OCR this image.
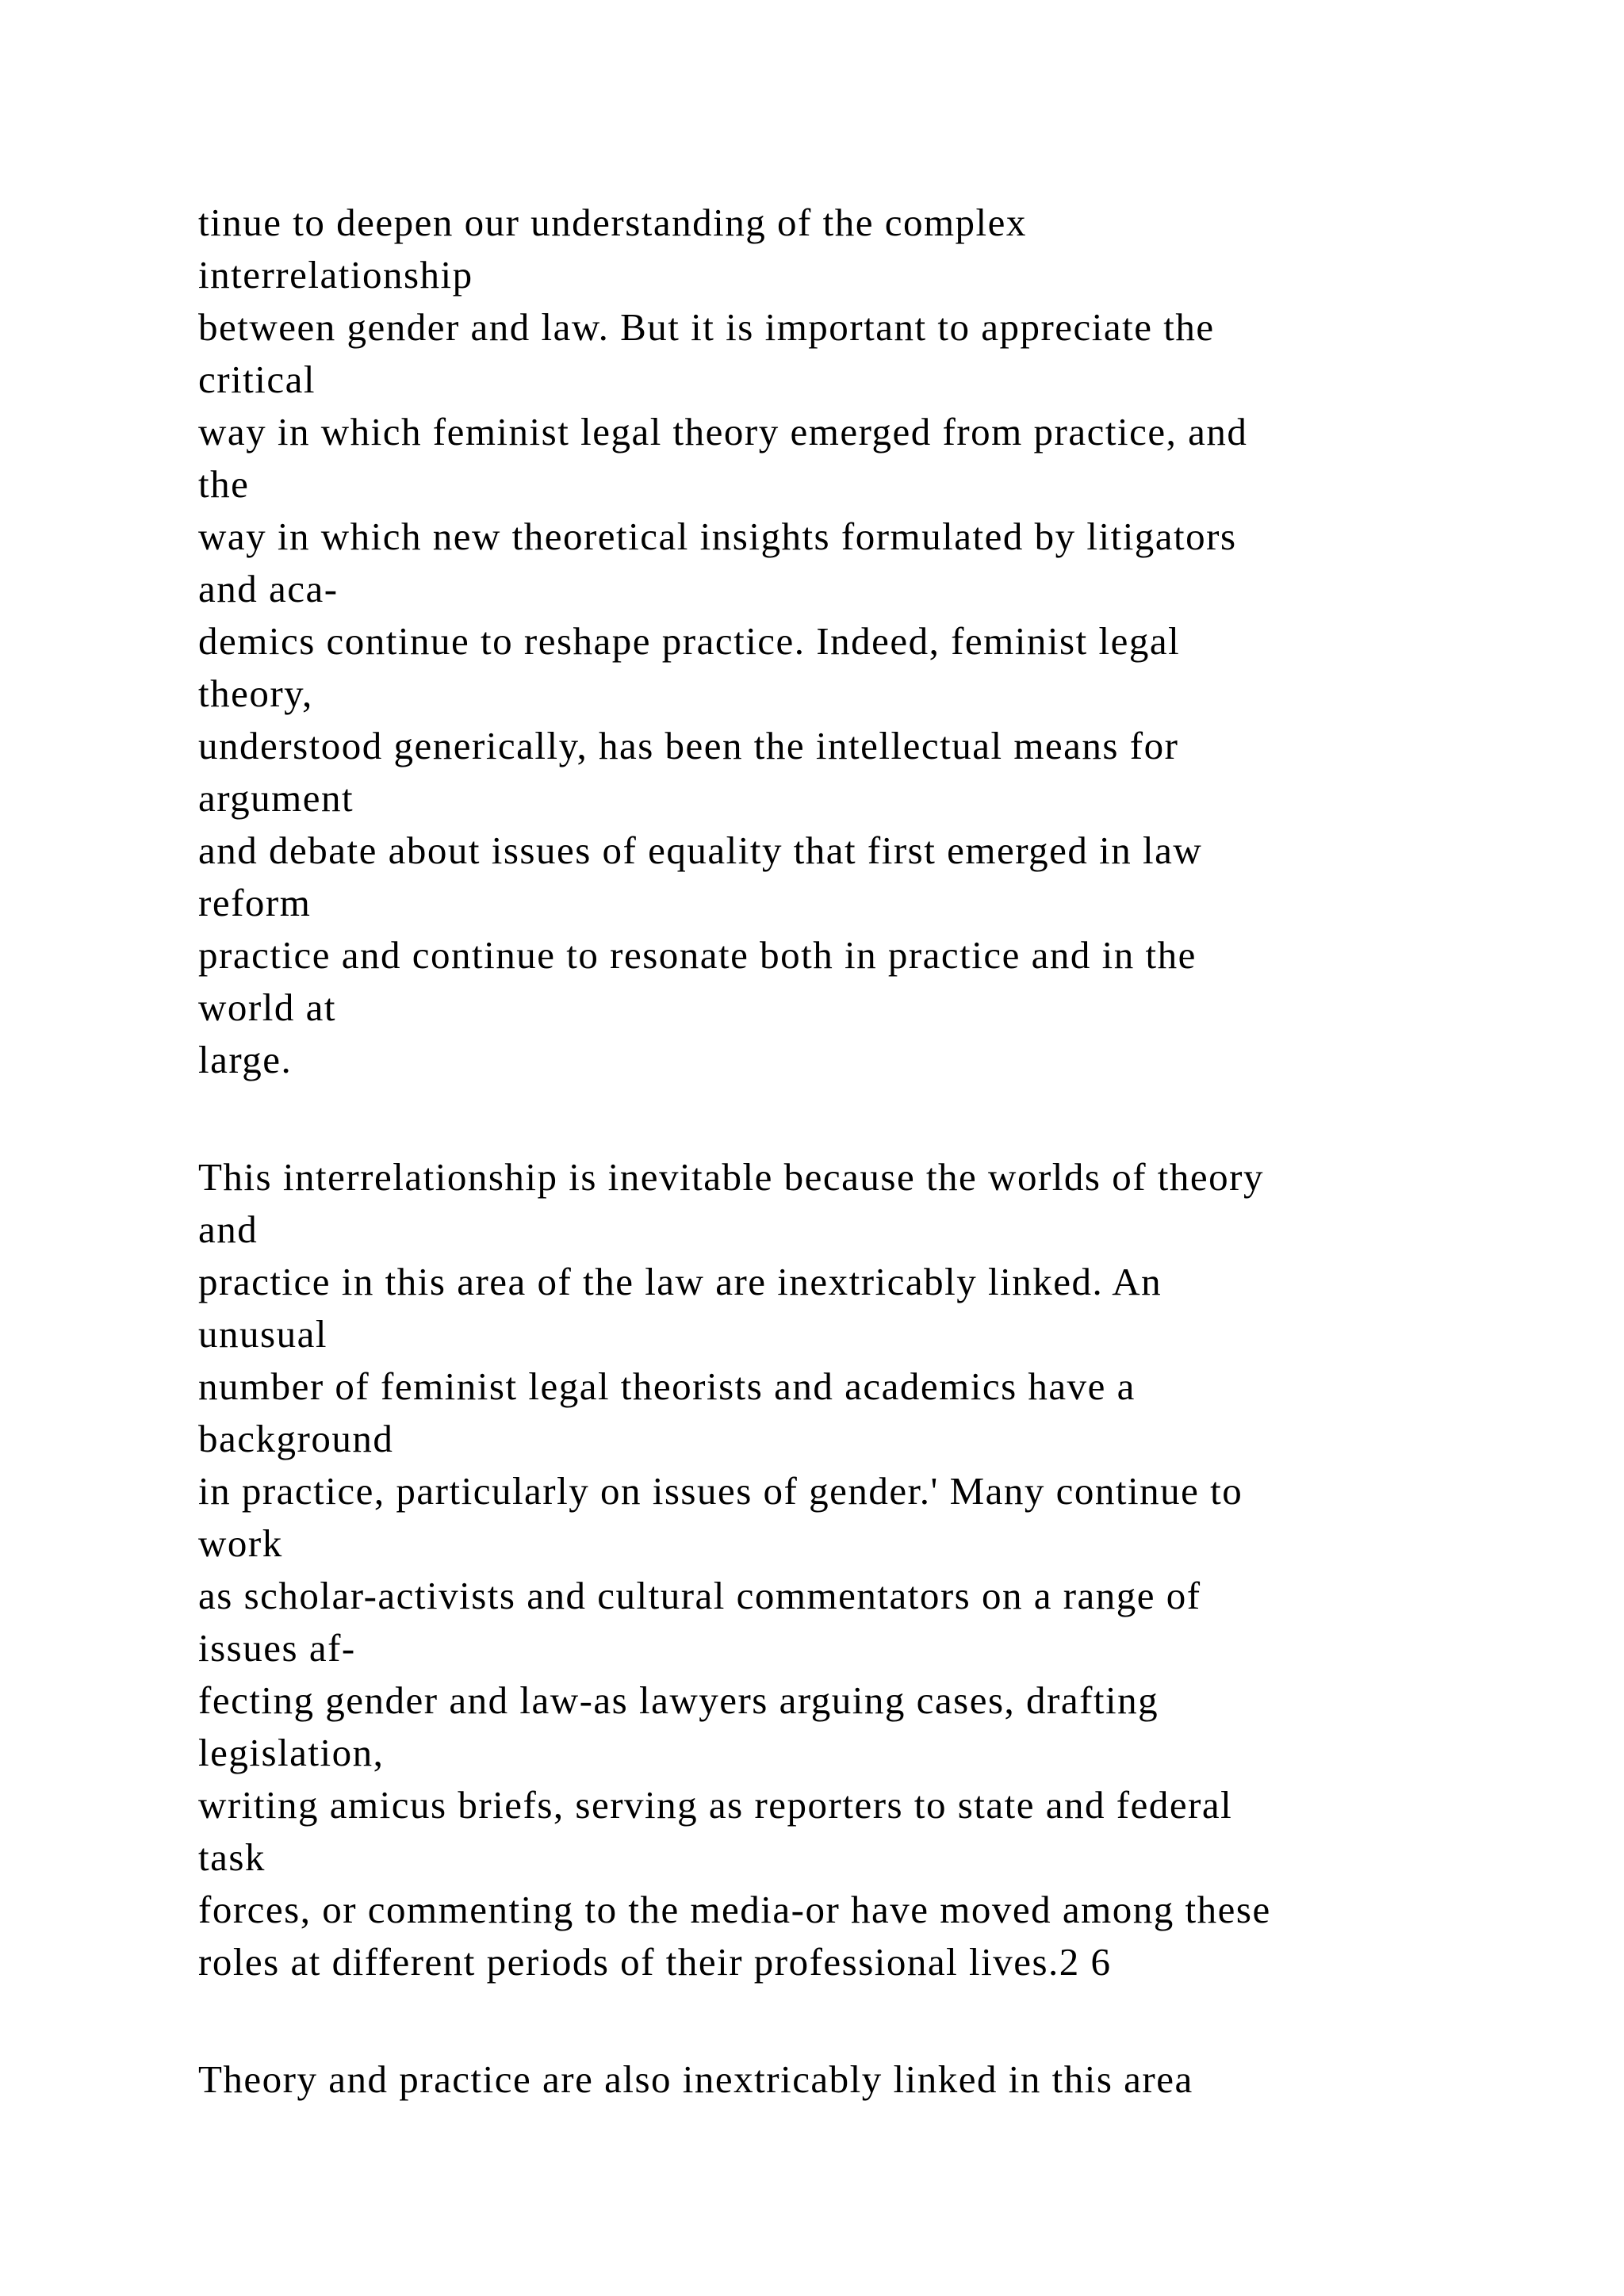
tinue to deepen our understanding of the complex
interrelationship
between gender and law. But it is important to appreciate the
critical
way in which feminist legal theory emerged from practice, and
the
way in which new theoretical insights formulated by litigators
and aca-
demics continue to reshape practice. Indeed, feminist legal
theory,
understood generically, has been the intellectual means for
argument
and debate about issues of equality that first emerged in law
reform
practice and continue to resonate both in practice and in the
world at
large.
This interrelationship is inevitable because the worlds of theory
and
practice in this area of the law are inextricably linked. An
unusual
number of feminist legal theorists and academics have a
background
in practice, particularly on issues of gender.' Many continue to
work
as scholar-activists and cultural commentators on a range of
issues af-
fecting gender and law-as lawyers arguing cases, drafting
legislation,
writing amicus briefs, serving as reporters to state and federal
task
forces, or commenting to the media-or have moved among these
roles at different periods of their professional lives.2 6
Theory and practice are also inextricably linked in this area
